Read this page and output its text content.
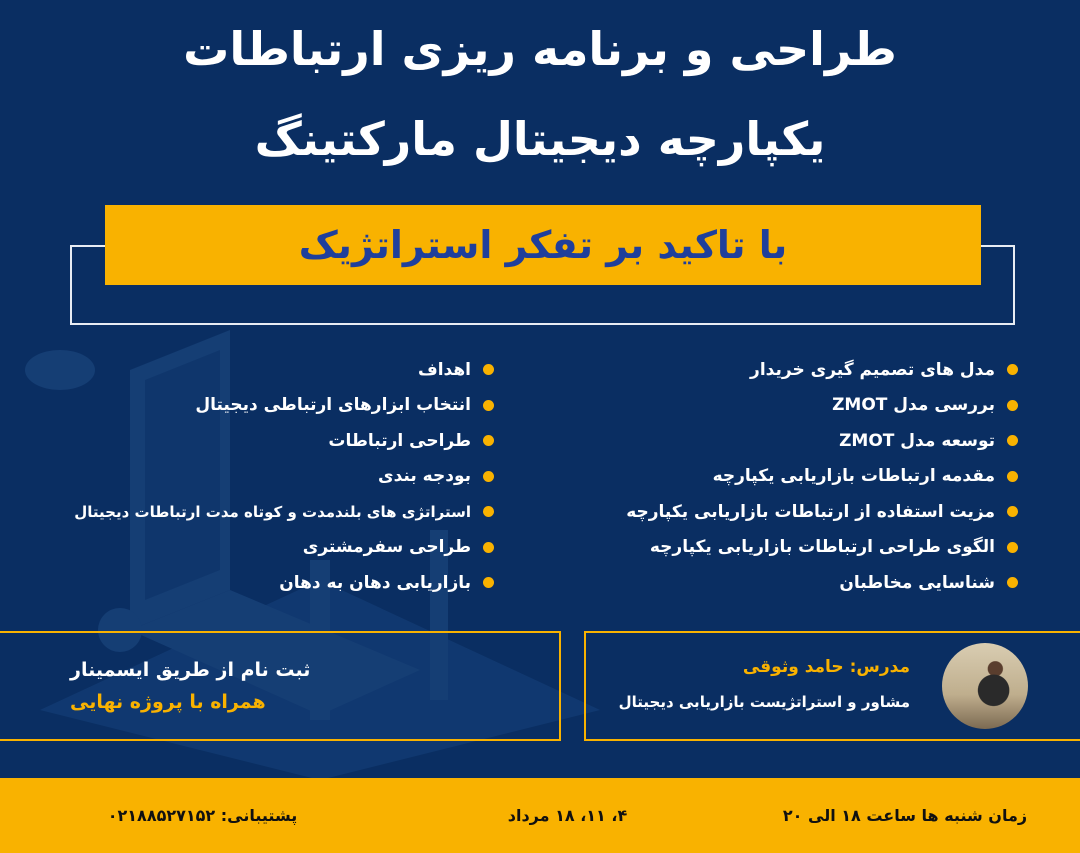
طراحی و برنامه ریزی ارتباطات
یکپارچه دیجیتال مارکتینگ
با تاکید بر تفکر استراتژیک
مدل های تصمیم گیری خریدار
بررسی مدل ZMOT
توسعه مدل ZMOT
مقدمه ارتباطات بازاریابی یکپارچه
مزیت استفاده از ارتباطات بازاریابی یکپارچه
الگوی طراحی ارتباطات بازاریابی یکپارچه
شناسایی مخاطبان
اهداف
انتخاب ابزارهای ارتباطی دیجیتال
طراحی ارتباطات
بودجه بندی
استراتژی های بلندمدت و کوتاه مدت ارتباطات دیجیتال
طراحی سفرمشتری
بازاریابی دهان به دهان
ثبت نام از طریق ایسمینار
همراه با پروژه نهایی
مدرس: حامد وثوقی
مشاور و استراتژیست بازاریابی دیجیتال
زمان شنبه ها ساعت ۱۸ الی ۲۰
۴، ۱۱، ۱۸ مرداد
پشتیبانی: ۰۲۱۸۸۵۲۷۱۵۲
